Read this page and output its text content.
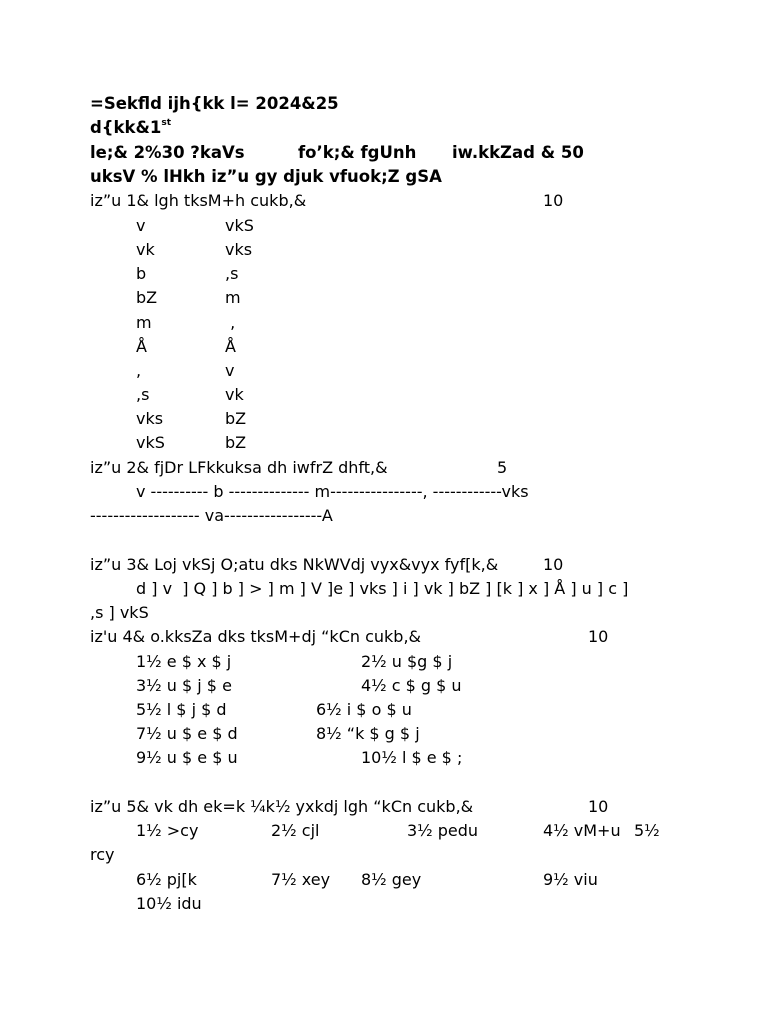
=Sekfld ijh{kk l= 2024&25
d{kk&1st
le;& 2%30 ?kaVs	fo’k;& fgUnh iw.kkZad & 50
uksV % lHkh iz”u gy djuk vfuok;Z gSA
iz”u 1& lgh tksM+h cukb,&	10
v	vkS
vk	vks
b	,s
bZ	m
m	,
Å	Å
,	v
,s	vk
vks	bZ
vkS	bZ
iz”u 2& fjDr LFkkuksa dh iwfrZ dhft,&	5
v ---------- b -------------- m----------------, ------------vks
------------------- va-----------------A
iz”u 3& Loj vkSj O;atu dks NkWVdj vyx&vyx fyf[k,&	10
d ] v  ] Q ] b ] > ] m ] V ]e ] vks ] i ] vk ] bZ ] [k ] x ] Å ] u ] c ]
,s ] vkS
iz'u 4& o.kksZa dks tksM+dj “kCn cukb,&	10
1½ e $ x $ j	2½ u $g $ j
3½ u $ j $ e	4½ c $ g $ u
5½ l $ j $ d	6½ i $ o $ u
7½ u $ e $ d	8½ “k $ g $ j
9½ u $ e $ u	10½ l $ e $ ;
iz”u 5& vk dh ek=k ¼k½ yxkdj lgh “kCn cukb,&	10
1½ >cy	2½ cjl	3½ pedu	4½ vM+u 5½
rcy
6½ pj[k	7½ xey 8½ gey	9½ viu
10½ idu
